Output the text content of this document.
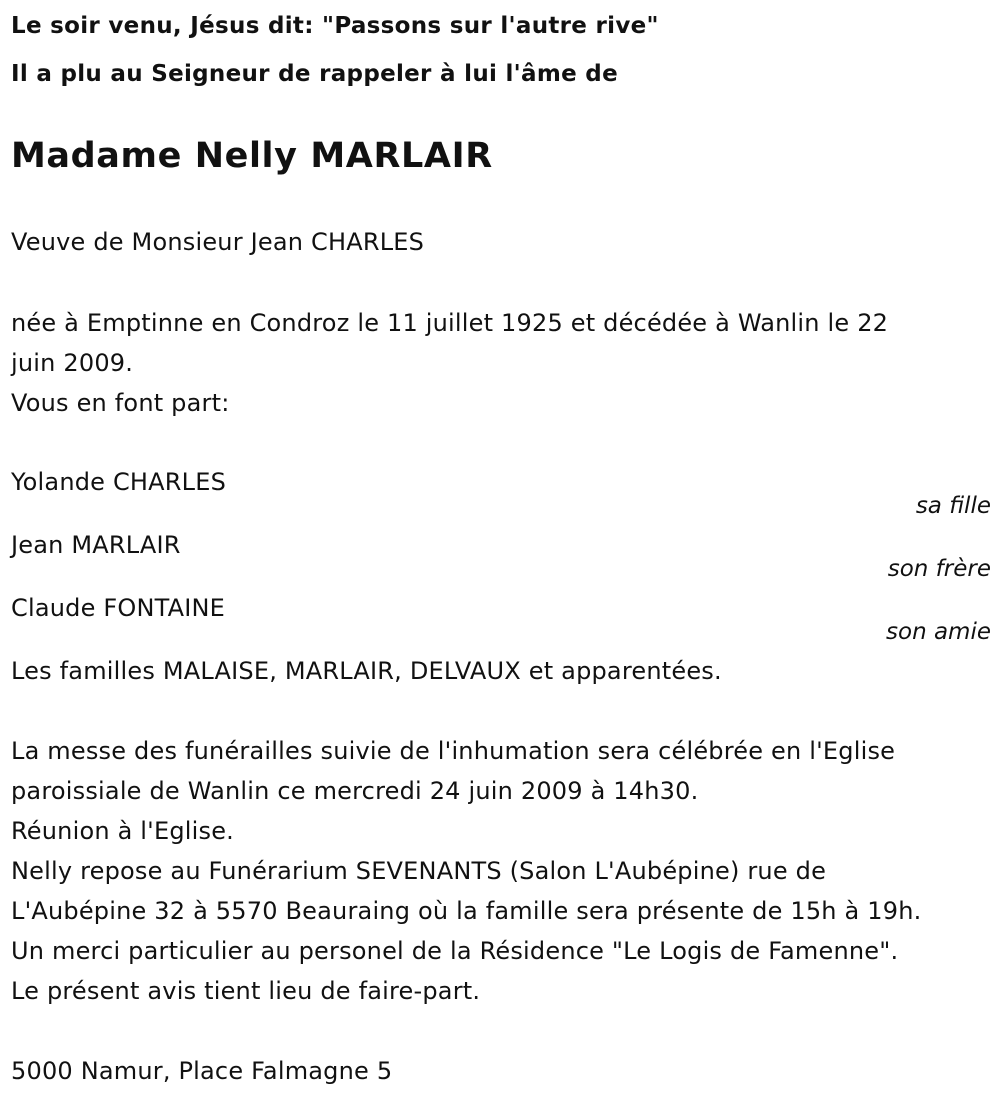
Le soir venu, Jésus dit: "Passons sur l'autre rive"
Il a plu au Seigneur de rappeler à lui l'âme de
Madame Nelly MARLAIR
Veuve de Monsieur Jean CHARLES
née à Emptinne en Condroz le 11 juillet 1925 et décédée à Wanlin le 22
juin 2009.
Vous en font part:
Yolande CHARLES
sa fille
Jean MARLAIR
son frère
Claude FONTAINE
son amie
Les familles MALAISE, MARLAIR, DELVAUX et apparentées.
La messe des funérailles suivie de l'inhumation sera célébrée en l'Eglise
paroissiale de Wanlin ce mercredi 24 juin 2009 à 14h30.
Réunion à l'Eglise.
Nelly repose au Funérarium SEVENANTS (Salon L'Aubépine) rue de
L'Aubépine 32 à 5570 Beauraing où la famille sera présente de 15h à 19h.
Un merci particulier au personel de la Résidence "Le Logis de Famenne".
Le présent avis tient lieu de faire-part.
5000 Namur, Place Falmagne 5
